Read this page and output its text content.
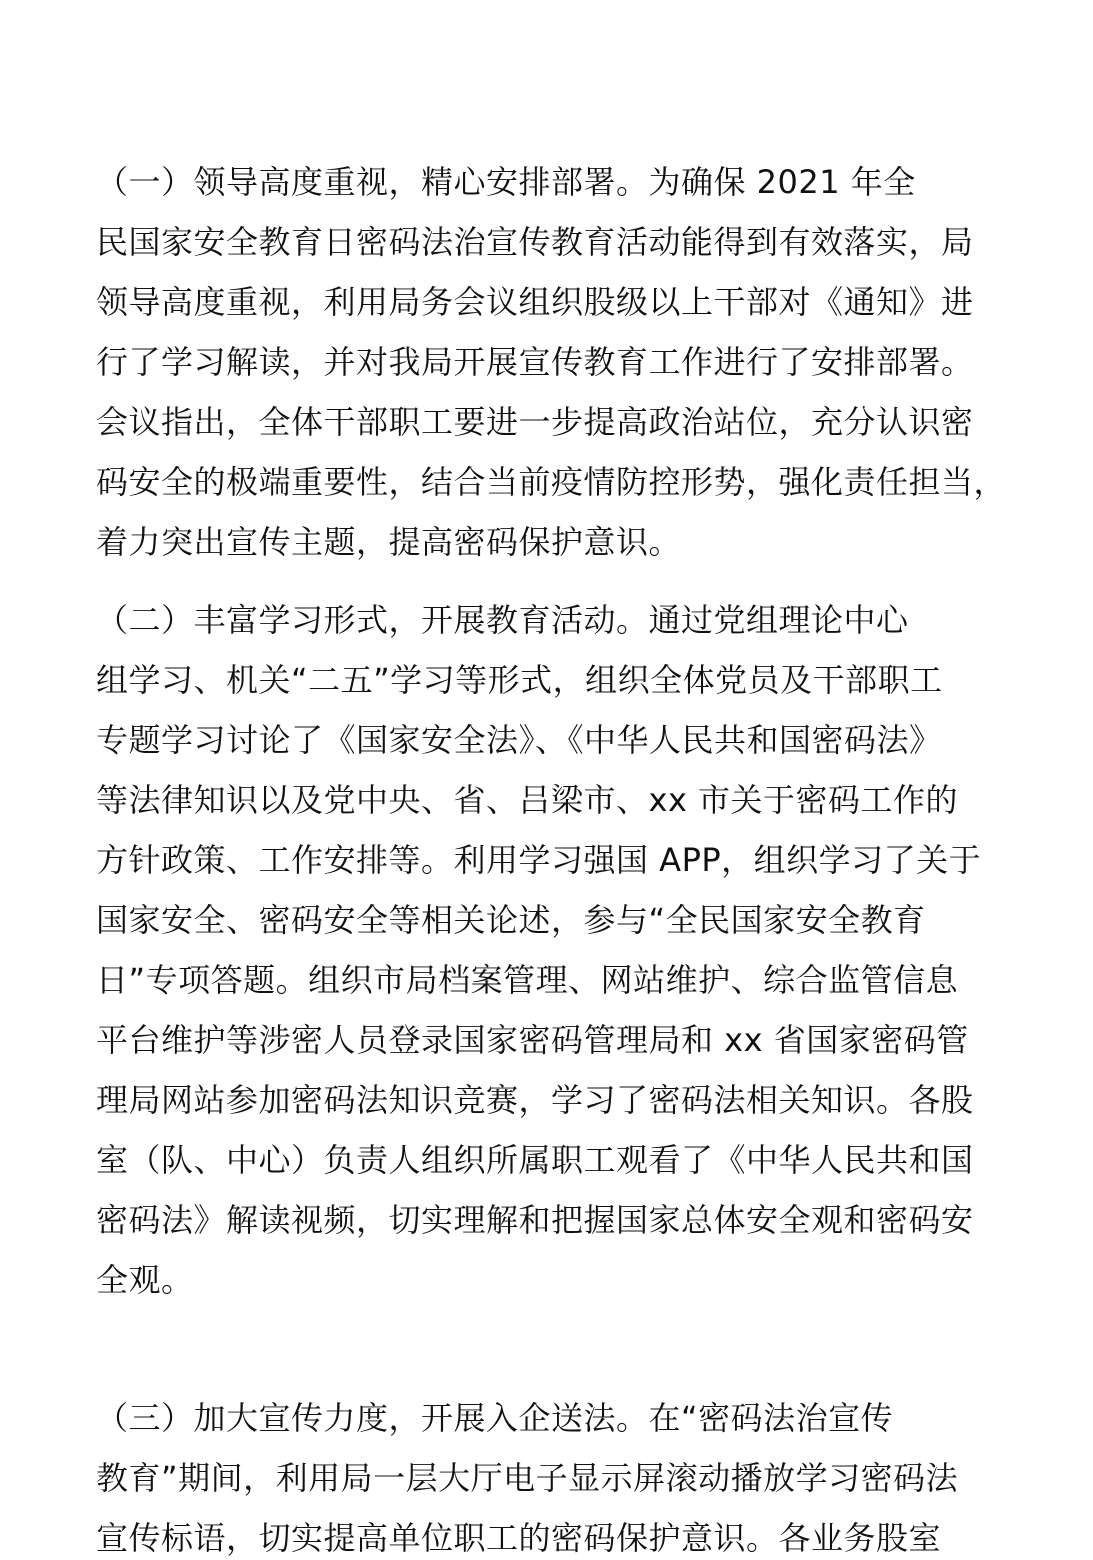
（一）领导高度重视，精心安排部署。为确保 2021 年全
民国家安全教育日密码法治宣传教育活动能得到有效落实，局
领导高度重视，利用局务会议组织股级以上干部对《通知》进
行了学习解读，并对我局开展宣传教育工作进行了安排部署。
会议指出，全体干部职工要进一步提高政治站位，充分认识密
码安全的极端重要性，结合当前疫情防控形势，强化责任担当，
着力突出宣传主题，提高密码保护意识。
（二）丰富学习形式，开展教育活动。通过党组理论中心
组学习、机关“二五”学习等形式，组织全体党员及干部职工
专题学习讨论了《国家安全法》、《中华人民共和国密码法》
等法律知识以及党中央、省、吕梁市、xx 市关于密码工作的
方针政策、工作安排等。利用学习强国 APP，组织学习了关于
国家安全、密码安全等相关论述，参与“全民国家安全教育
日”专项答题。组织市局档案管理、网站维护、综合监管信息
平台维护等涉密人员登录国家密码管理局和 xx 省国家密码管
理局网站参加密码法知识竞赛，学习了密码法相关知识。各股
室（队、中心）负责人组织所属职工观看了《中华人民共和国
密码法》解读视频，切实理解和把握国家总体安全观和密码安
全观。
（三）加大宣传力度，开展入企送法。在“密码法治宣传
教育”期间，利用局一层大厅电子显示屏滚动播放学习密码法
宣传标语，切实提高单位职工的密码保护意识。各业务股室
